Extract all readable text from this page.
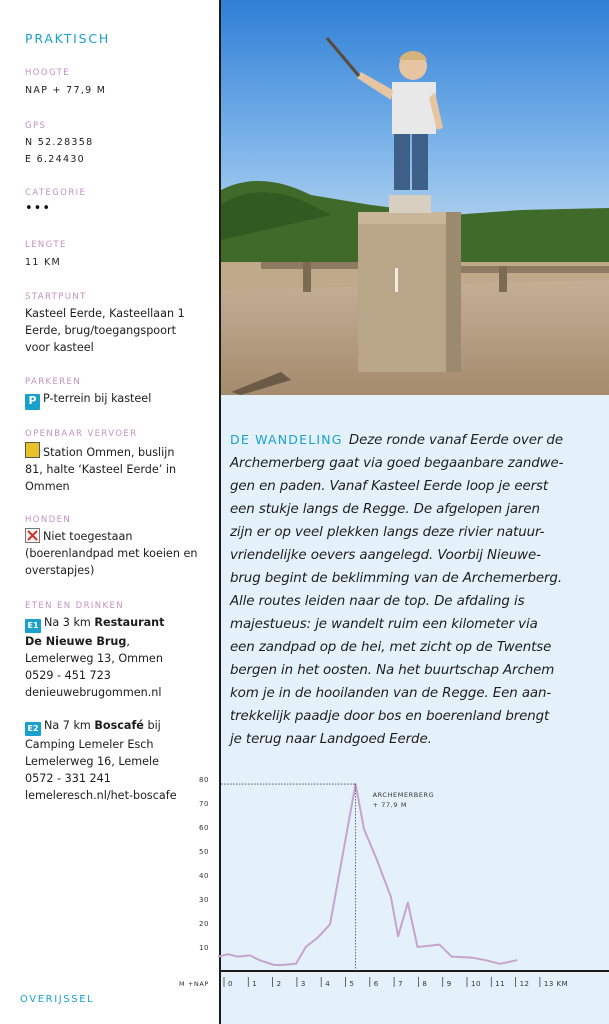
PRAKTISCH
HOOGTE
NAP + 77,9 M
GPS
N 52.28358
E 6.24430
CATEGORIE
•••
LENGTE
11 KM
STARTPUNT
Kasteel Eerde, Kasteellaan 1
Eerde, brug/toegangspoort
voor kasteel
PARKEREN
P P-terrein bij kasteel
OPENBAAR VERVOER
Station Ommen, buslijn
81, halte ‘Kasteel Eerde’ in
Ommen
HONDEN
Niet toegestaan
(boerenlandpad met koeien en
overstapjes)
ETEN EN DRINKEN
E1 Na 3 km Restaurant
De Nieuwe Brug,
Lemelerweg 13, Ommen
0529 - 451 723
denieuwebrugommen.nl
E2 Na 7 km Boscafé bij
Camping Lemeler Esch
Lemelerweg 16, Lemele
0572 - 331 241
lemeleresch.nl/het-boscafe
DE WANDELING Deze ronde vanaf Eerde over de
Archemerberg gaat via goed begaanbare zandwe-
gen en paden. Vanaf Kasteel Eerde loop je eerst
een stukje langs de Regge. De afgelopen jaren
zijn er op veel plekken langs deze rivier natuur-
vriendelijke oevers aangelegd. Voorbij Nieuwe-
brug begint de beklimming van de Archemerberg.
Alle routes leiden naar de top. De afdaling is
majestueus: je wandelt ruim een kilometer via
een zandpad op de hei, met zicht op de Twentse
bergen in het oosten. Na het buurtschap Archem
kom je in de hooilanden van de Regge. Een aan-
trekkelijk paadje door bos en boerenland brengt
je terug naar Landgoed Eerde.
10
20
30
40
50
60
70
80
M +NAP	0	1	2	3	4	5	6	7	8	9	10 11 12 13 KM
ARCHEMERBERG
+ 77,9 M
OVERIJSSEL
